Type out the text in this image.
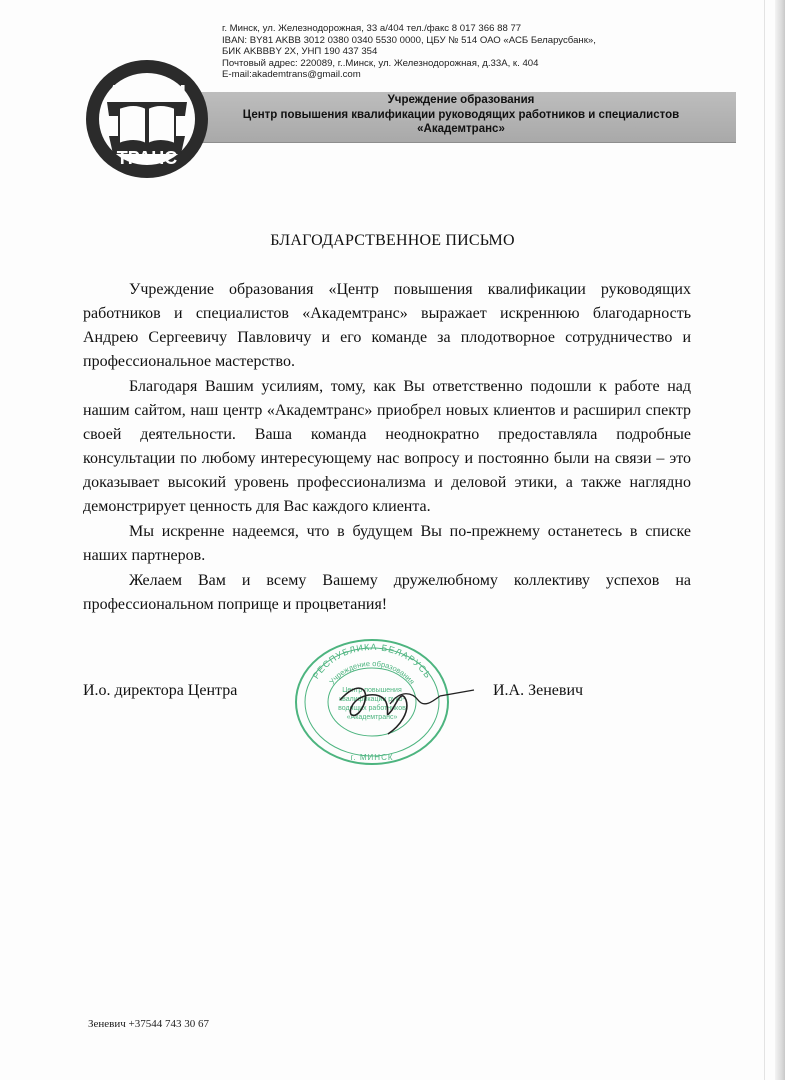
г. Минск, ул. Железнодорожная, 33 а/404 тел./факс 8 017 366 88 77
IBAN: BY81 AKBB 3012 0380 0340 5530 0000, ЦБУ № 514 ОАО «АСБ Беларусбанк»,
БИК AKBBBY 2X, УНП 190 437 354
Почтовый адрес: 220089, г..Минск, ул. Железнодорожная, д.33А, к. 404
E-mail:akademtrans@gmail.com
Учреждение образования
Центр повышения квалификации руководящих работников и специалистов
«Академтранс»
АКАДЕМ
ТРАНС
БЛАГОДАРСТВЕННОЕ ПИСЬМО

Учреждение образования «Центр повышения квалификации руководящих работников и специалистов «Академтранс» выражает искреннюю благодарность Андрею Сергеевичу Павловичу и его команде за плодотворное сотрудничество и профессиональное мастерство.

Благодаря Вашим усилиям, тому, как Вы ответственно подошли к работе над нашим сайтом, наш центр «Академтранс» приобрел новых клиентов и расширил спектр своей деятельности. Ваша команда неоднократно предоставляла подробные консультации по любому интересующему нас вопросу и постоянно были на связи – это доказывает высокий уровень профессионализма и деловой этики, а также наглядно демонстрирует ценность для Вас каждого клиента.

Мы искренне надеемся, что в будущем Вы по-прежнему останетесь в списке наших партнеров.

Желаем Вам и всему Вашему дружелюбному коллективу успехов на профессиональном поприще и процветания!

РЕСПУБЛИКА БЕЛАРУСЬ
Учреждение образования
Центр повышения
квалификации руко-
водящих работников
«Академтранс»
г. МИНСК
И.о. директора Центра	И.А. Зеневич
Зеневич +37544 743 30 67
